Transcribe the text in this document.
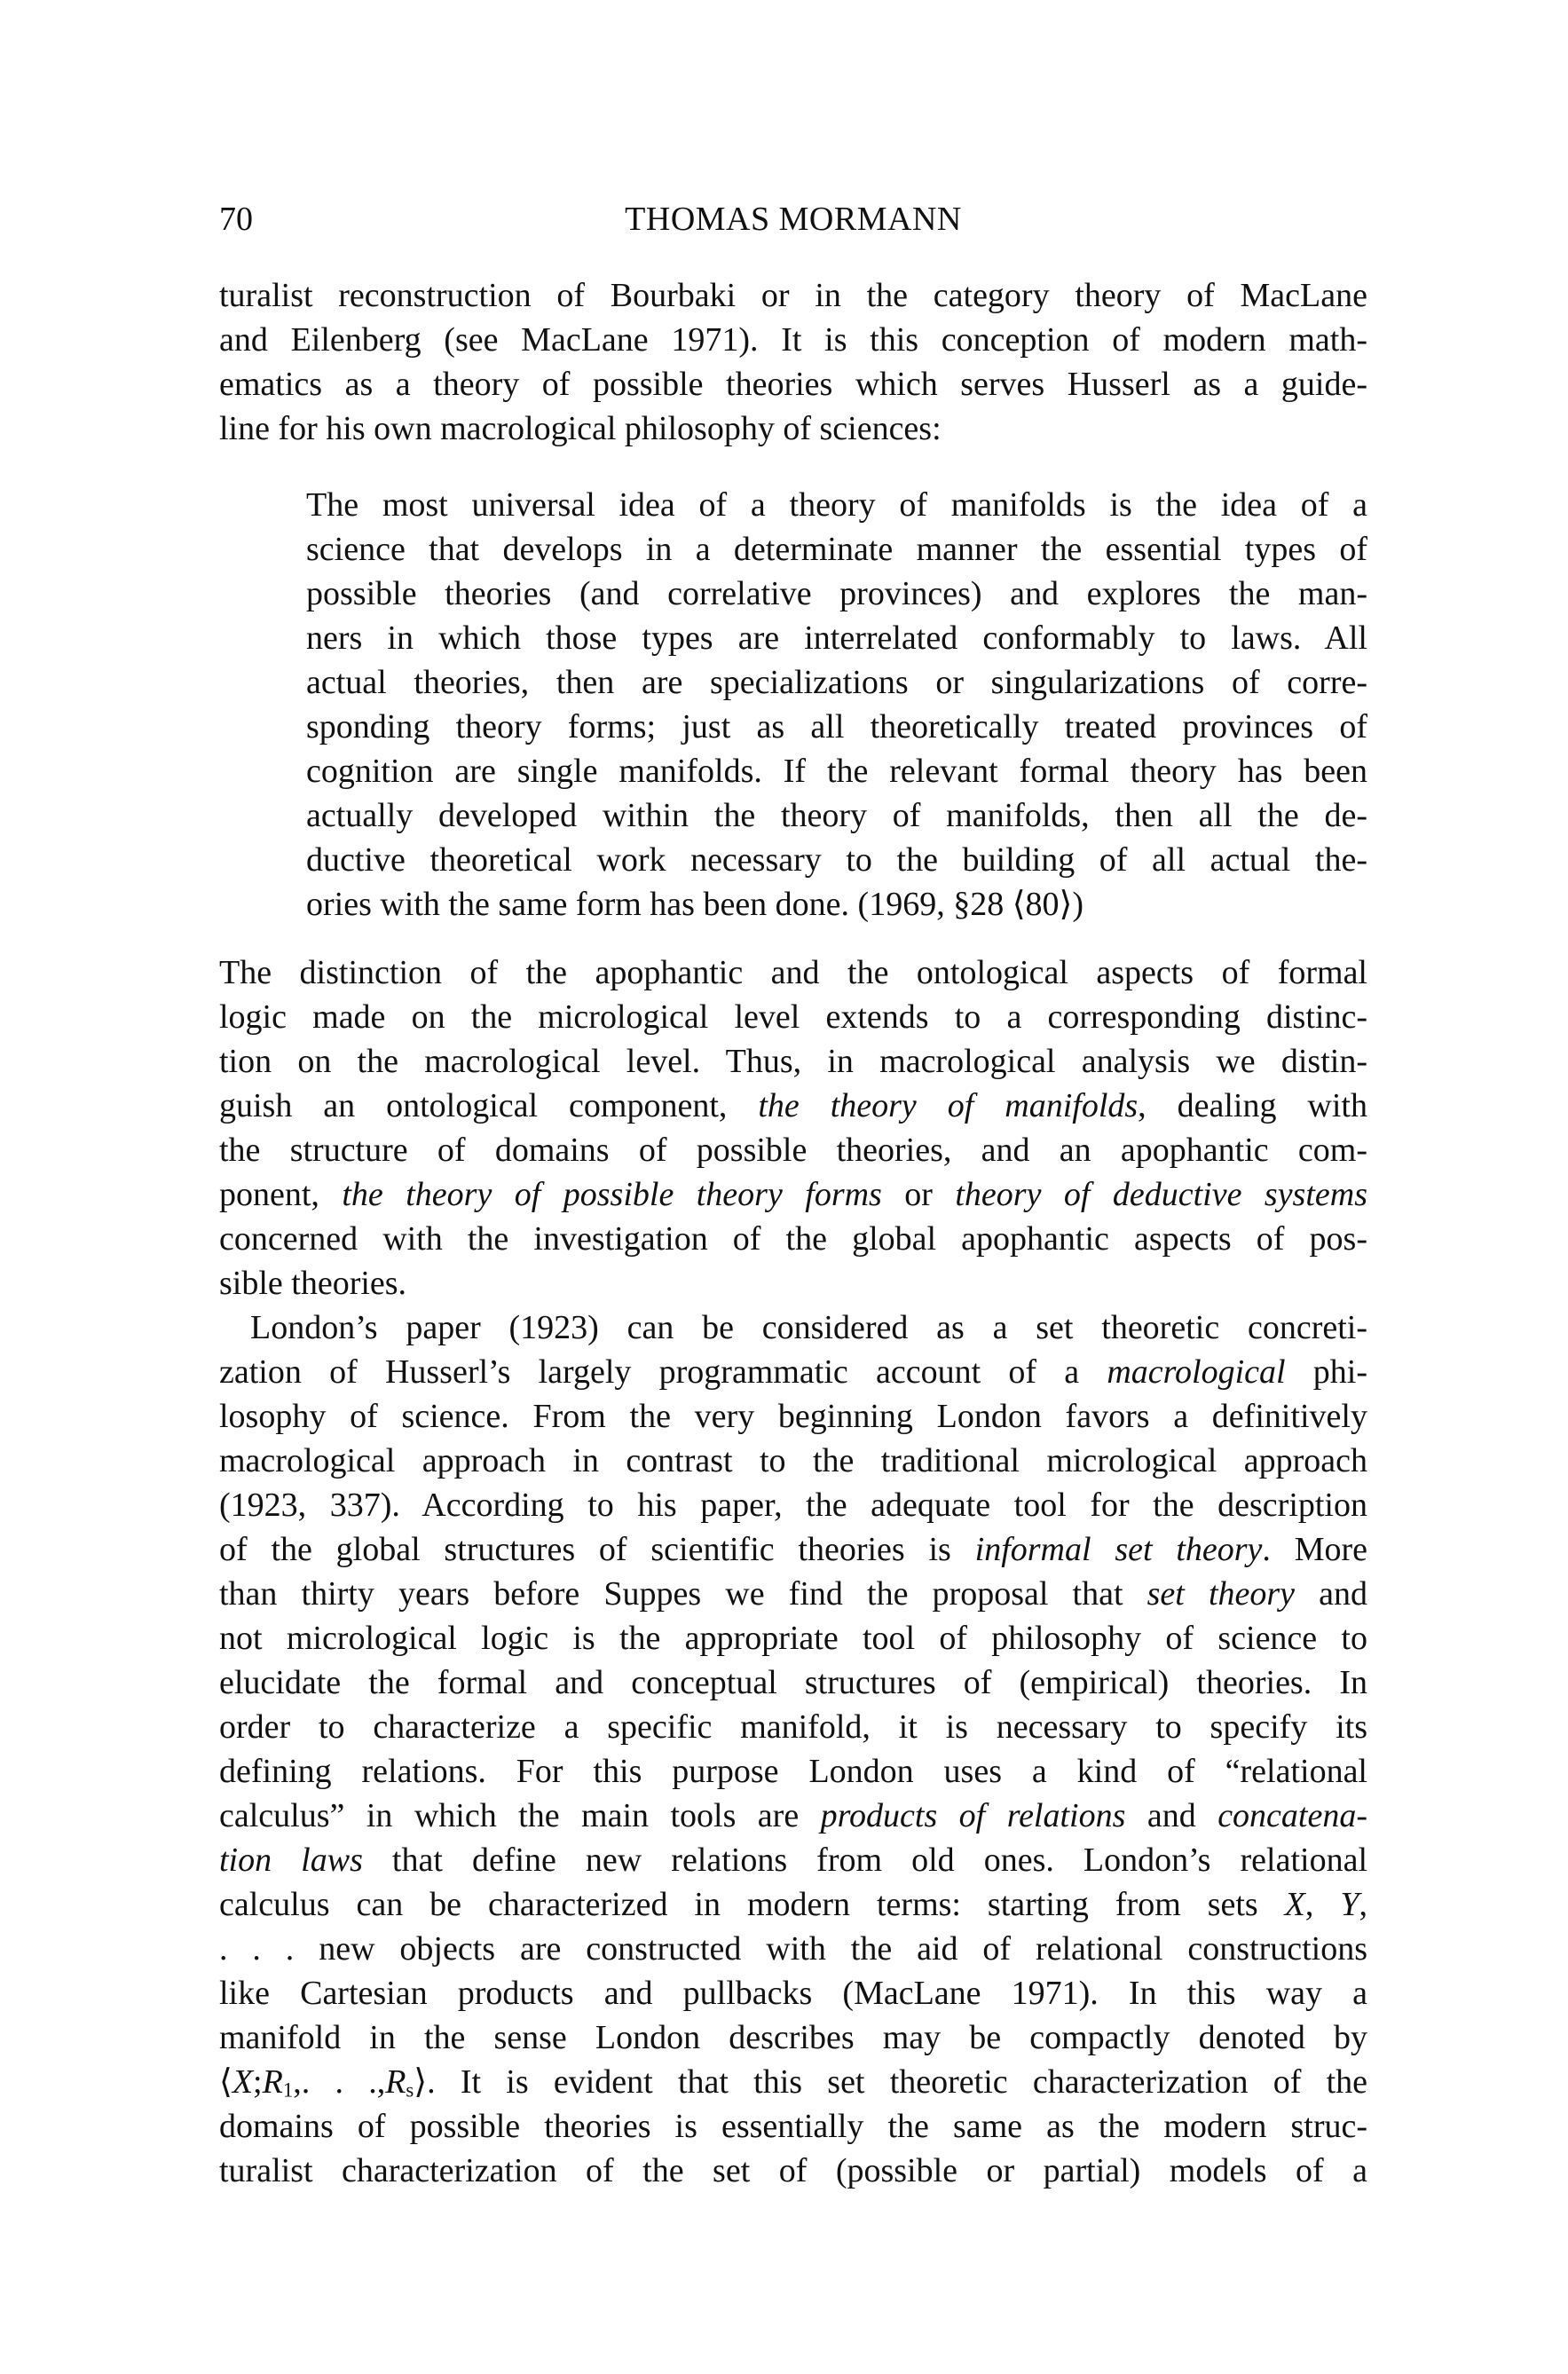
70	THOMAS MORMANN
turalist reconstruction of Bourbaki or in the category theory of MacLane
and Eilenberg (see MacLane 1971). It is this conception of modern math-
ematics as a theory of possible theories which serves Husserl as a guide-
line for his own macrological philosophy of sciences:
The most universal idea of a theory of manifolds is the idea of a
science that develops in a determinate manner the essential types of
possible theories (and correlative provinces) and explores the man-
ners in which those types are interrelated conformably to laws. All
actual theories, then are specializations or singularizations of corre-
sponding theory forms; just as all theoretically treated provinces of
cognition are single manifolds. If the relevant formal theory has been
actually developed within the theory of manifolds, then all the de-
ductive theoretical work necessary to the building of all actual the-
ories with the same form has been done. (1969, §28 ⟨80⟩)
The distinction of the apophantic and the ontological aspects of formal
logic made on the micrological level extends to a corresponding distinc-
tion on the macrological level. Thus, in macrological analysis we distin-
guish an ontological component, the theory of manifolds, dealing with
the structure of domains of possible theories, and an apophantic com-
ponent, the theory of possible theory forms or theory of deductive systems
concerned with the investigation of the global apophantic aspects of pos-
sible theories.
London’s paper (1923) can be considered as a set theoretic concreti-
zation of Husserl’s largely programmatic account of a macrological phi-
losophy of science. From the very beginning London favors a definitively
macrological approach in contrast to the traditional micrological approach
(1923, 337). According to his paper, the adequate tool for the description
of the global structures of scientific theories is informal set theory. More
than thirty years before Suppes we find the proposal that set theory and
not micrological logic is the appropriate tool of philosophy of science to
elucidate the formal and conceptual structures of (empirical) theories. In
order to characterize a specific manifold, it is necessary to specify its
defining relations. For this purpose London uses a kind of “relational
calculus” in which the main tools are products of relations and concatena-
tion laws that define new relations from old ones. London’s relational
calculus can be characterized in modern terms: starting from sets X, Y,
. . . new objects are constructed with the aid of relational constructions
like Cartesian products and pullbacks (MacLane 1971). In this way a
manifold in the sense London describes may be compactly denoted by
$⟨X;R_1$,. . $.,R_s⟩$. It is evident that this set theoretic characterization of the
domains of possible theories is essentially the same as the modern struc-
turalist characterization of the set of (possible or partial) models of a
